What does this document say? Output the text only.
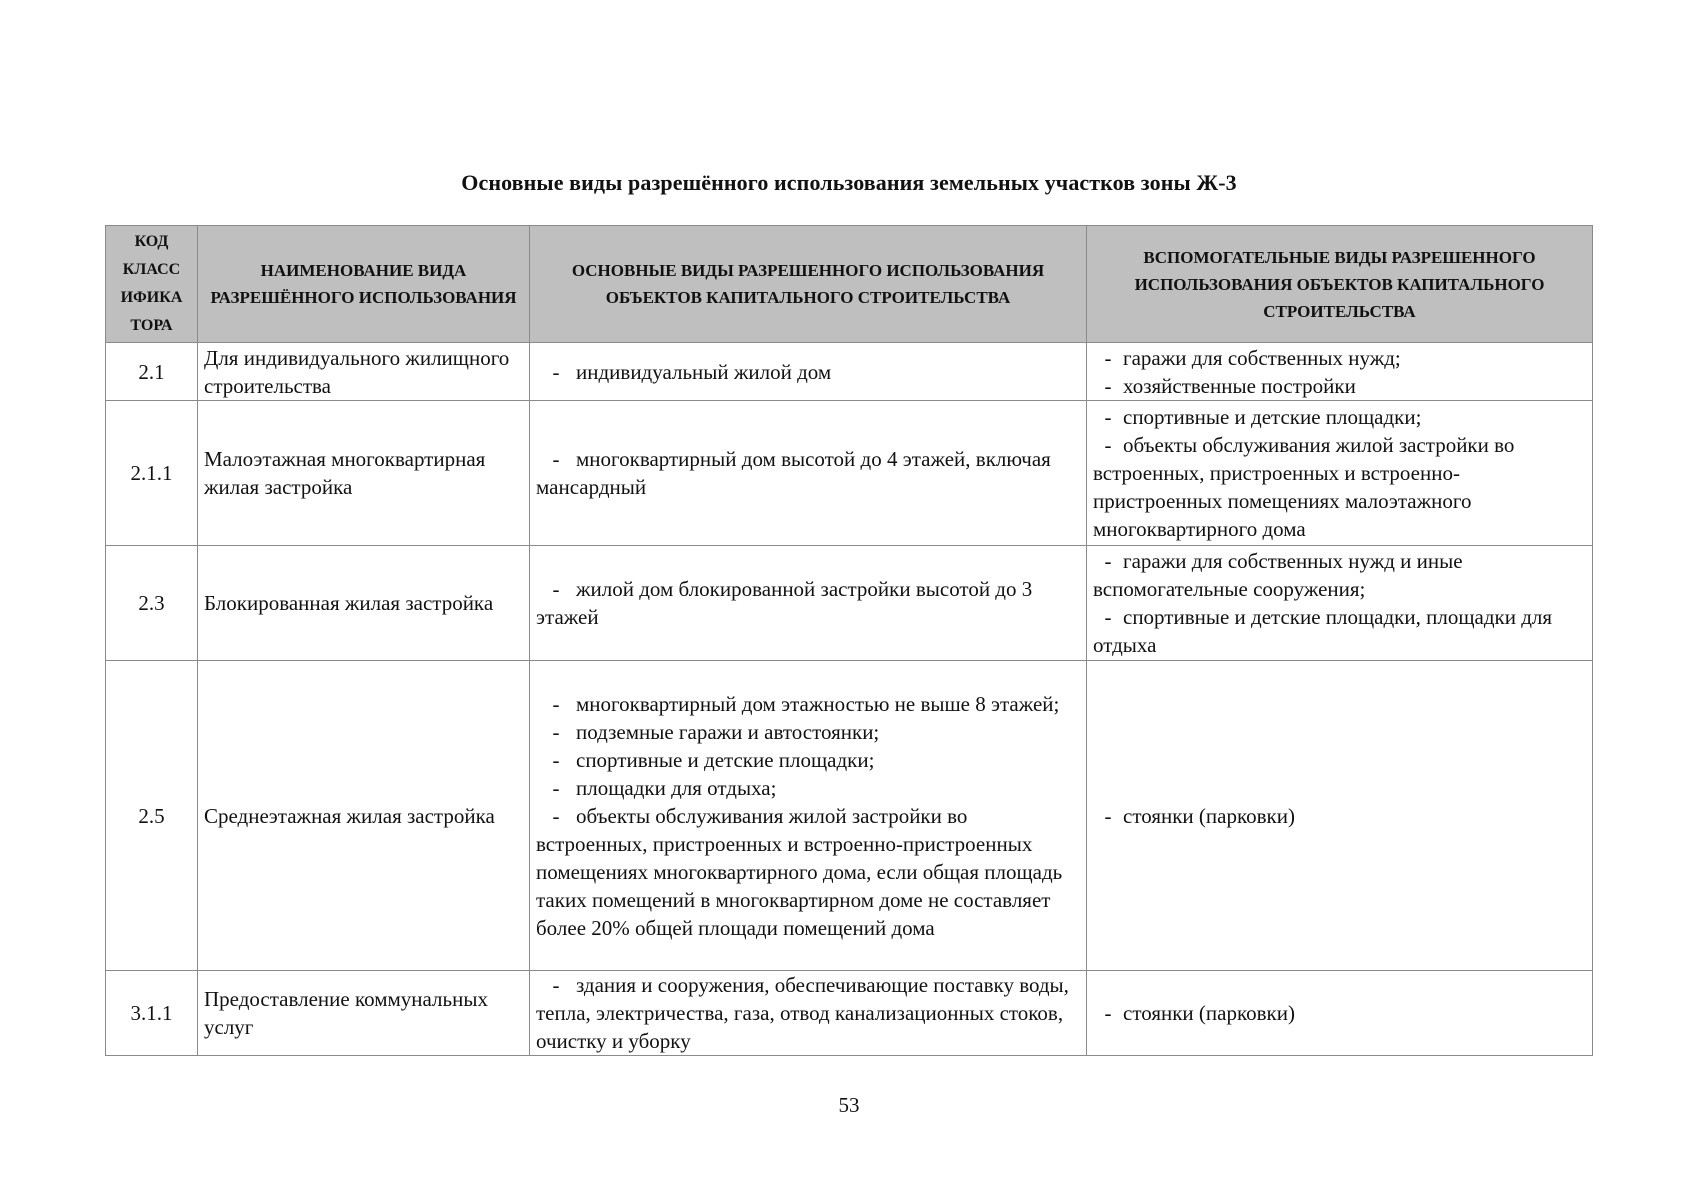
Основные виды разрешённого использования земельных участков зоны Ж-3
КОД
КЛАСС
ИФИКА
ТОРА	НАИМЕНОВАНИЕ ВИДА РАЗРЕШЁННОГО ИСПОЛЬЗОВАНИЯ	ОСНОВНЫЕ ВИДЫ РАЗРЕШЕННОГО ИСПОЛЬЗОВАНИЯ ОБЪЕКТОВ КАПИТАЛЬНОГО СТРОИТЕЛЬСТВА	ВСПОМОГАТЕЛЬНЫЕ ВИДЫ РАЗРЕШЕННОГО ИСПОЛЬЗОВАНИЯ ОБЪЕКТОВ КАПИТАЛЬНОГО СТРОИТЕЛЬСТВА
2.1	Для индивидуального жилищного строительства	- индивидуальный жилой дом	- гаражи для собственных нужд;
- хозяйственные постройки

2.1.1	Малоэтажная многоквартирная жилая застройка	- многоквартирный дом высотой до 4 этажей, включая мансардный	- спортивные и детские площадки;
- объекты обслуживания жилой застройки во встроенных, пристроенных и встроенно-пристроенных помещениях малоэтажного многоквартирного дома

2.3	Блокированная жилая застройка	- жилой дом блокированной застройки высотой до 3 этажей	- гаражи для собственных нужд и иные вспомогательные сооружения;
- спортивные и детские площадки, площадки для отдыха

2.5	Среднеэтажная жилая застройка	- многоквартирный дом этажностью не выше 8 этажей;
- подземные гаражи и автостоянки;
- спортивные и детские площадки;
- площадки для отдыха;
- объекты обслуживания жилой застройки во встроенных, пристроенных и встроенно-пристроенных помещениях многоквартирного дома, если общая площадь таких помещений в многоквартирном доме не составляет более 20% общей площади помещений дома	- стоянки (парковки)

3.1.1	Предоставление коммунальных услуг	- здания и сооружения, обеспечивающие поставку воды, тепла, электричества, газа, отвод канализационных стоков, очистку и уборку	- стоянки (парковки)
53
